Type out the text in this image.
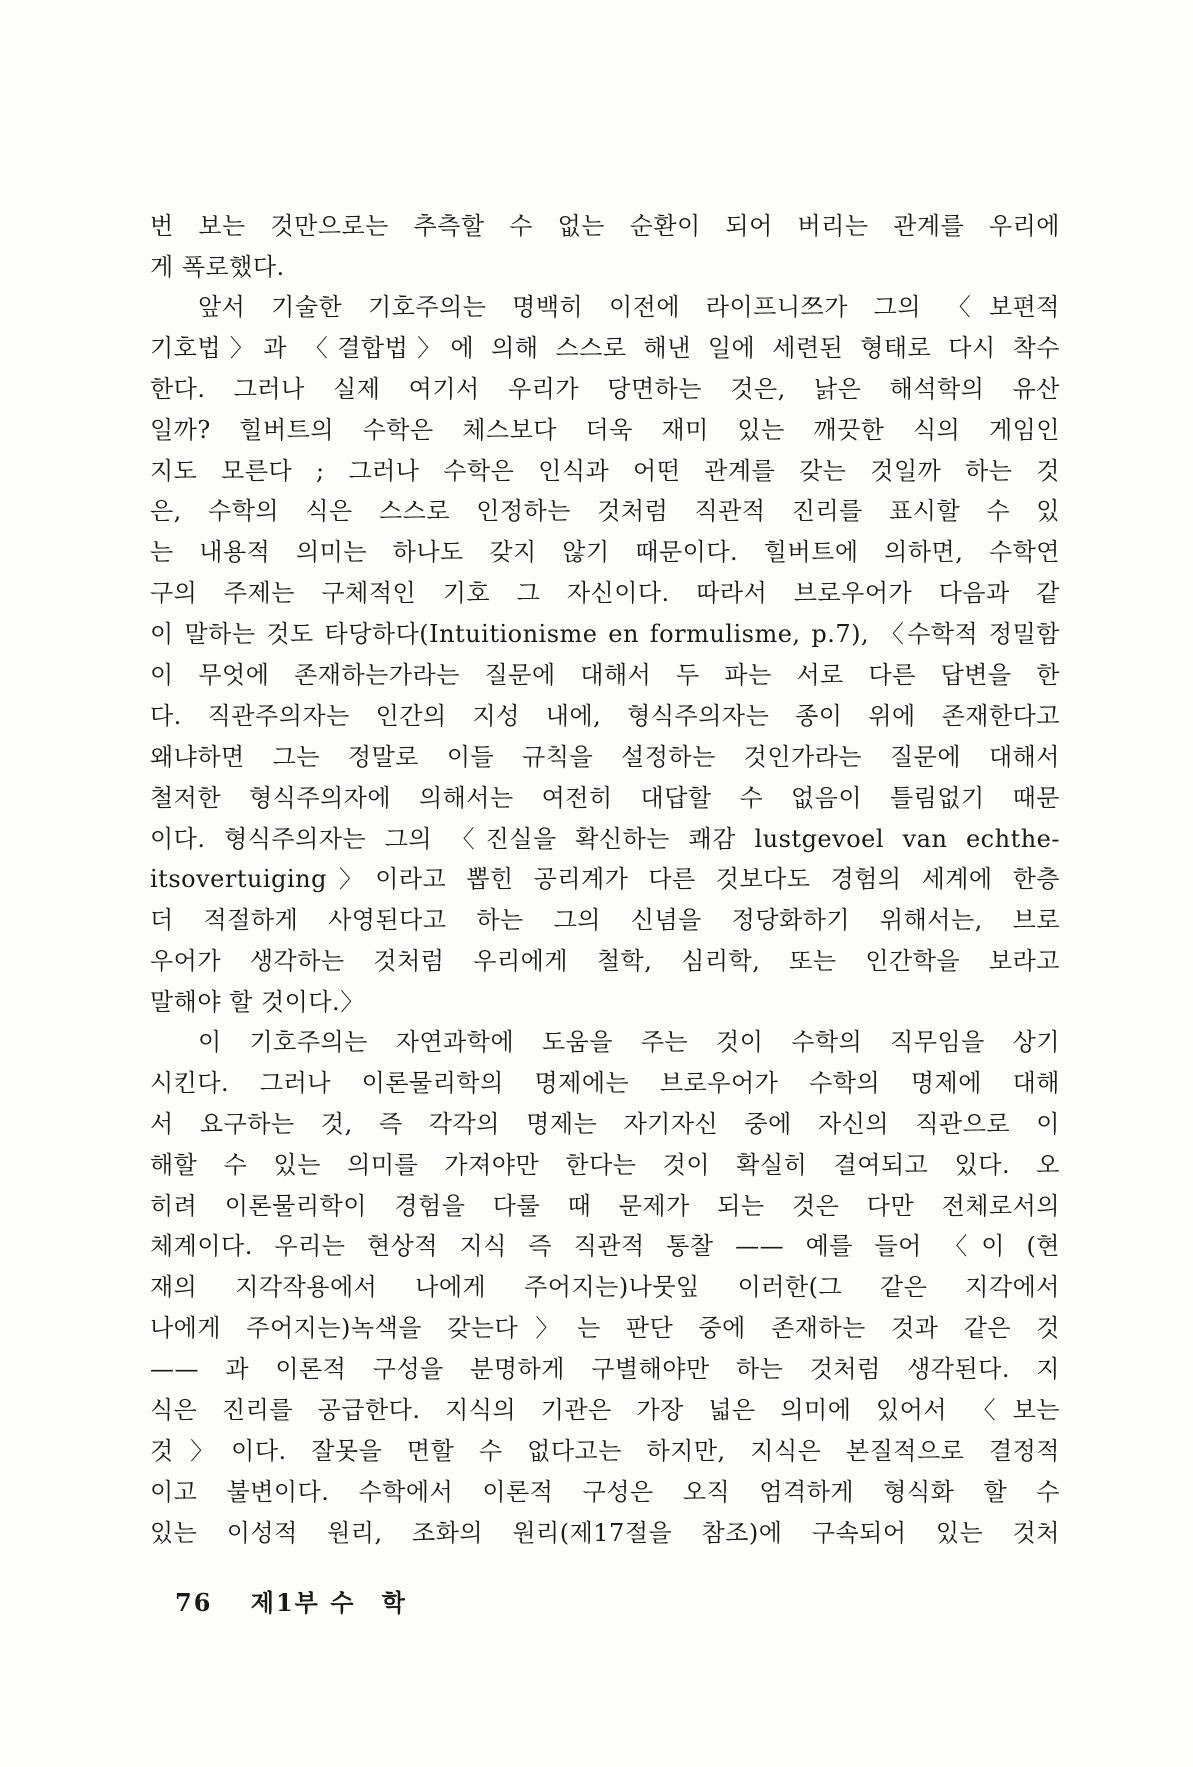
번 보는 것만으로는 추측할 수 없는 순환이 되어 버리는 관계를 우리에
게 폭로했다.
앞서 기술한 기호주의는 명백히 이전에 라이프니쯔가 그의 〈보편적
기호법〉과 〈결합법〉에 의해 스스로 해낸 일에 세련된 형태로 다시 착수
한다. 그러나 실제 여기서 우리가 당면하는 것은, 낡은 해석학의 유산
일까? 힐버트의 수학은 체스보다 더욱 재미 있는 깨끗한 식의 게임인
지도 모른다 ; 그러나 수학은 인식과 어떤 관계를 갖는 것일까 하는 것
은, 수학의 식은 스스로 인정하는 것처럼 직관적 진리를 표시할 수 있
는 내용적 의미는 하나도 갖지 않기 때문이다. 힐버트에 의하면, 수학연
구의 주제는 구체적인 기호 그 자신이다. 따라서 브로우어가 다음과 같
이 말하는 것도 타당하다(Intuitionisme en formulisme, p.7), 〈수학적 정밀함
이 무엇에 존재하는가라는 질문에 대해서 두 파는 서로 다른 답변을 한
다. 직관주의자는 인간의 지성 내에, 형식주의자는 종이 위에 존재한다고
왜냐하면 그는 정말로 이들 규칙을 설정하는 것인가라는 질문에 대해서
철저한 형식주의자에 의해서는 여전히 대답할 수 없음이 틀림없기 때문
이다. 형식주의자는 그의 〈진실을 확신하는 쾌감 lustgevoel van echthe-
itsovertuiging〉이라고 뽑힌 공리계가 다른 것보다도 경험의 세계에 한층
더 적절하게 사영된다고 하는 그의 신념을 정당화하기 위해서는, 브로
우어가 생각하는 것처럼 우리에게 철학, 심리학, 또는 인간학을 보라고
말해야 할 것이다.〉
이 기호주의는 자연과학에 도움을 주는 것이 수학의 직무임을 상기
시킨다. 그러나 이론물리학의 명제에는 브로우어가 수학의 명제에 대해
서 요구하는 것, 즉 각각의 명제는 자기자신 중에 자신의 직관으로 이
해할 수 있는 의미를 가져야만 한다는 것이 확실히 결여되고 있다. 오
히려 이론물리학이 경험을 다룰 때 문제가 되는 것은 다만 전체로서의
체계이다. 우리는 현상적 지식 즉 직관적 통찰 —— 예를 들어 〈이 (현
재의 지각작용에서 나에게 주어지는)나뭇잎 이러한(그 같은 지각에서
나에게 주어지는)녹색을 갖는다〉는 판단 중에 존재하는 것과 같은 것
—— 과 이론적 구성을 분명하게 구별해야만 하는 것처럼 생각된다. 지
식은 진리를 공급한다. 지식의 기관은 가장 넓은 의미에 있어서 〈보는
것〉이다. 잘못을 면할 수 없다고는 하지만, 지식은 본질적으로 결정적
이고 불변이다. 수학에서 이론적 구성은 오직 엄격하게 형식화 할 수
있는 이성적 원리, 조화의 원리(제17절을 참조)에 구속되어 있는 것처
76 제1부 수 학
